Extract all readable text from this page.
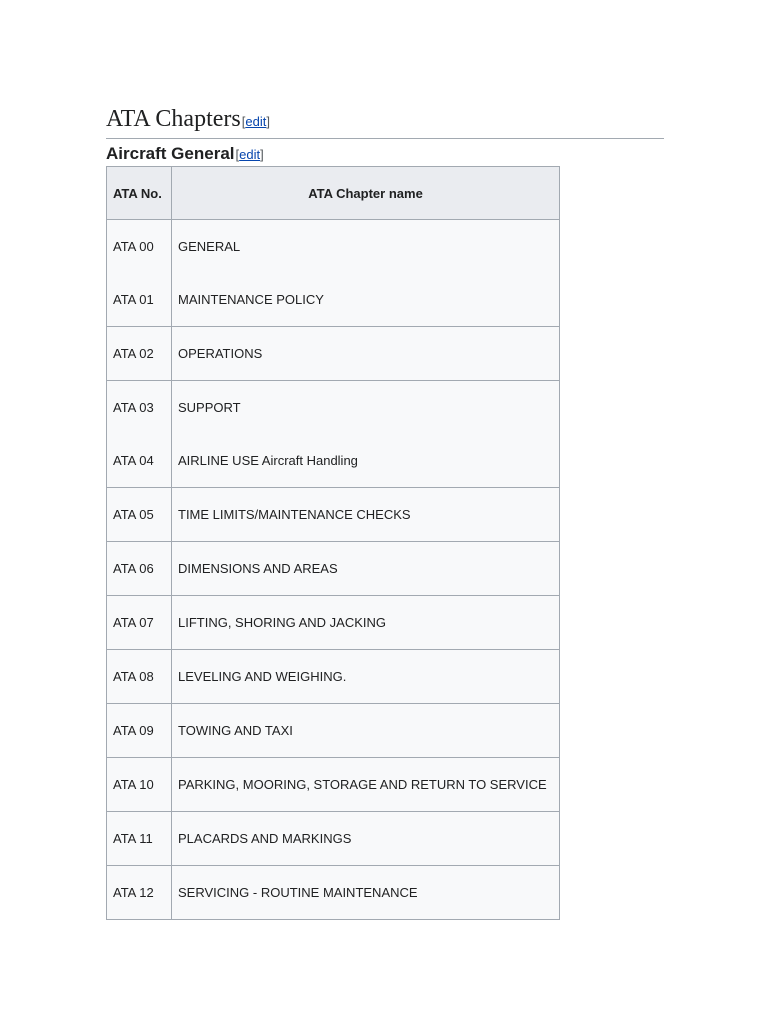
ATA Chapters[edit]
Aircraft General[edit]
ATA No.	ATA Chapter name
ATA 00	GENERAL
ATA 01	MAINTENANCE POLICY
ATA 02	OPERATIONS
ATA 03	SUPPORT
ATA 04	AIRLINE USE Aircraft Handling
ATA 05	TIME LIMITS/MAINTENANCE CHECKS
ATA 06	DIMENSIONS AND AREAS
ATA 07	LIFTING, SHORING AND JACKING
ATA 08	LEVELING AND WEIGHING.
ATA 09	TOWING AND TAXI
ATA 10	PARKING, MOORING, STORAGE AND RETURN TO SERVICE
ATA 11	PLACARDS AND MARKINGS
ATA 12	SERVICING - ROUTINE MAINTENANCE
